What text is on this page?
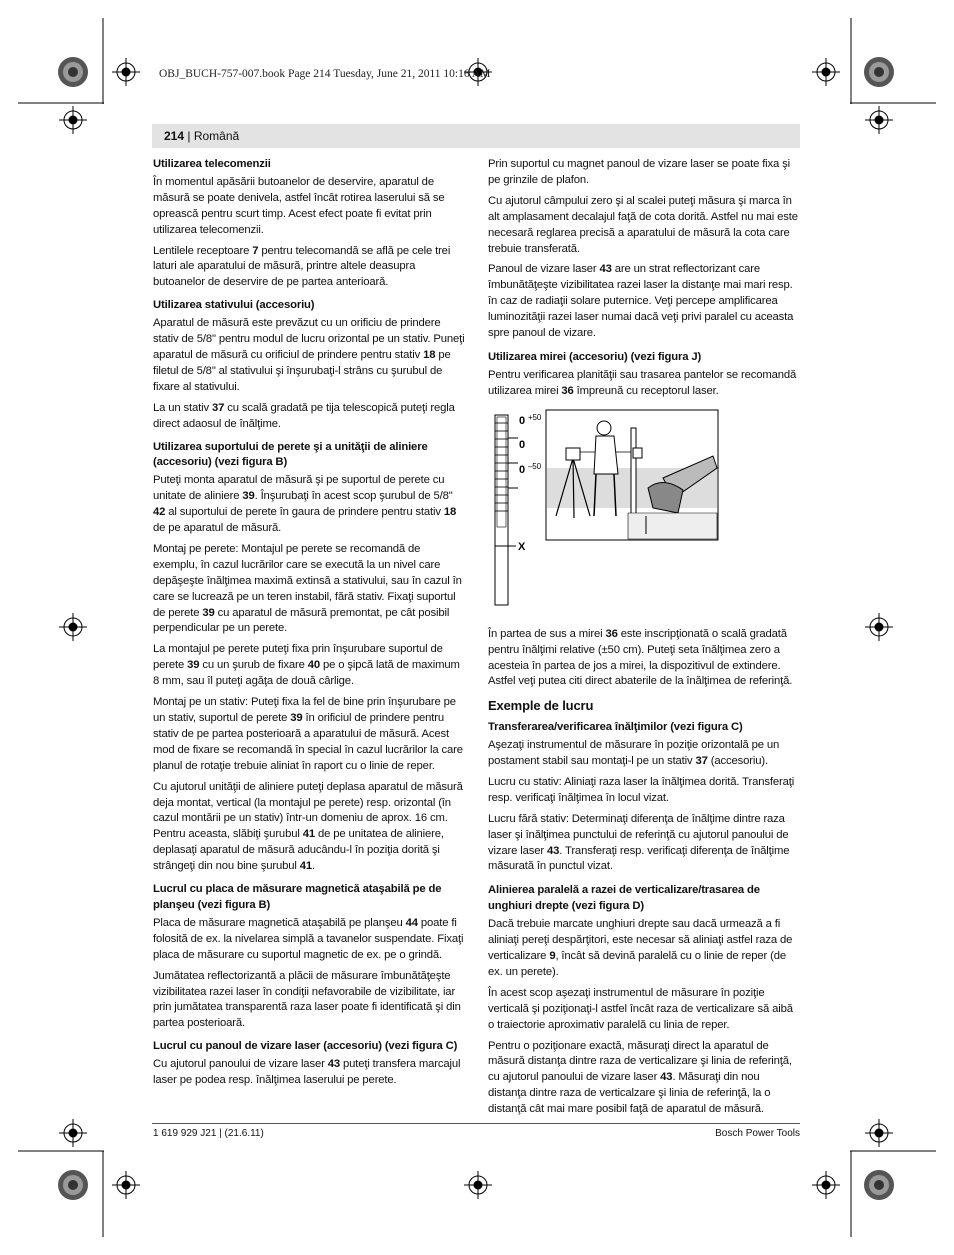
OBJ_BUCH-757-007.book Page 214 Tuesday, June 21, 2011 10:16 AM
214 | Română
Utilizarea telecomenzii

În momentul apăsării butoanelor de deservire, aparatul de măsură se poate denivela, astfel încât rotirea laserului să se oprească pentru scurt timp. Acest efect poate fi evitat prin utilizarea telecomenzii.

Lentilele receptoare 7 pentru telecomandă se află pe cele trei laturi ale aparatului de măsură, printre altele deasupra butoanelor de deservire de pe partea anterioară.

Utilizarea stativului (accesoriu)

Aparatul de măsură este prevăzut cu un orificiu de prindere stativ de 5/8" pentru modul de lucru orizontal pe un stativ. Puneţi aparatul de măsură cu orificiul de prindere pentru stativ 18 pe filetul de 5/8" al stativului şi înşurubaţi-l strâns cu şurubul de fixare al stativului.

La un stativ 37 cu scală gradată pe tija telescopică puteţi regla direct adaosul de înălţime.

Utilizarea suportului de perete şi a unităţii de aliniere (accesoriu) (vezi figura B)

Puteţi monta aparatul de măsură şi pe suportul de perete cu unitate de aliniere 39. Înşurubaţi în acest scop şurubul de 5/8" 42 al suportului de perete în gaura de prindere pentru stativ 18 de pe aparatul de măsură.

Montaj pe perete: Montajul pe perete se recomandă de exemplu, în cazul lucrărilor care se execută la un nivel care depăşeşte înălţimea maximă extinsă a stativului, sau în cazul în care se lucrează pe un teren instabil, fără stativ. Fixaţi suportul de perete 39 cu aparatul de măsură premontat, pe cât posibil perpendicular pe un perete.

La montajul pe perete puteţi fixa prin înşurubare suportul de perete 39 cu un şurub de fixare 40 pe o şipcă lată de maximum 8 mm, sau îl puteţi agăţa de două cârlige.

Montaj pe un stativ: Puteţi fixa la fel de bine prin înşurubare pe un stativ, suportul de perete 39 în orificiul de prindere pentru stativ de pe partea posterioară a aparatului de măsură. Acest mod de fixare se recomandă în special în cazul lucrărilor la care planul de rotaţie trebuie aliniat în raport cu o linie de reper.

Cu ajutorul unităţii de aliniere puteţi deplasa aparatul de măsură deja montat, vertical (la montajul pe perete) resp. orizontal (în cazul montării pe un stativ) într-un domeniu de aprox. 16 cm. Pentru aceasta, slăbiţi şurubul 41 de pe unitatea de aliniere, deplasaţi aparatul de măsură aducându-l în poziţia dorită şi strângeţi din nou bine şurubul 41.

Lucrul cu placa de măsurare magnetică ataşabilă pe de planşeu (vezi figura B)

Placa de măsurare magnetică ataşabilă pe planşeu 44 poate fi folosită de ex. la nivelarea simplă a tavanelor suspendate. Fixaţi placa de măsurare cu suportul magnetic de ex. pe o grindă.

Jumătatea reflectorizantă a plăcii de măsurare îmbunătăţeşte vizibilitatea razei laser în condiţii nefavorabile de vizibilitate, iar prin jumătatea transparentă raza laser poate fi identificată şi din partea posterioară.

Lucrul cu panoul de vizare laser (accesoriu) (vezi figura C)

Cu ajutorul panoului de vizare laser 43 puteţi transfera marcajul laser pe podea resp. înălţimea laserului pe perete.

Prin suportul cu magnet panoul de vizare laser se poate fixa şi pe grinzile de plafon.

Cu ajutorul câmpului zero şi al scalei puteţi măsura şi marca în alt amplasament decalajul faţă de cota dorită. Astfel nu mai este necesară reglarea precisă a aparatului de măsură la cota care trebuie transferată.

Panoul de vizare laser 43 are un strat reflectorizant care îmbunătăţeşte vizibilitatea razei laser la distanţe mai mari resp. în caz de radiaţii solare puternice. Veţi percepe amplificarea luminozităţii razei laser numai dacă veţi privi paralel cu aceasta spre panoul de vizare.

Utilizarea mirei (accesoriu) (vezi figura J)

Pentru verificarea planităţii sau trasarea pantelor se recomandă utilizarea mirei 36 împreună cu receptorul laser.

0 +50
0
0 –50
X

În partea de sus a mirei 36 este inscripţionată o scală gradată pentru înălţimi relative (±50 cm). Puteţi seta înălţimea zero a acesteia în partea de jos a mirei, la dispozitivul de extindere. Astfel veţi putea citi direct abaterile de la înălţimea de referinţă.

Exemple de lucru
Transferarea/verificarea înălţimilor (vezi figura C)

Aşezaţi instrumentul de măsurare în poziţie orizontală pe un postament stabil sau montaţi-l pe un stativ 37 (accesoriu).

Lucru cu stativ: Aliniaţi raza laser la înălţimea dorită. Transferaţi resp. verificaţi înălţimea în locul vizat.

Lucru fără stativ: Determinaţi diferenţa de înălţime dintre raza laser şi înălţimea punctului de referinţă cu ajutorul panoului de vizare laser 43. Transferaţi resp. verificaţi diferenţa de înălţime măsurată în punctul vizat.

Alinierea paralelă a razei de verticalizare/trasarea de unghiuri drepte (vezi figura D)

Dacă trebuie marcate unghiuri drepte sau dacă urmează a fi aliniaţi pereţi despărţitori, este necesar să aliniaţi astfel raza de verticalizare 9, încât să devină paralelă cu o linie de reper (de ex. un perete).

În acest scop aşezaţi instrumentul de măsurare în poziţie verticală şi poziţionaţi-l astfel încât raza de verticalizare să aibă o traiectorie aproximativ paralelă cu linia de reper.

Pentru o poziţionare exactă, măsuraţi direct la aparatul de măsură distanţa dintre raza de verticalizare şi linia de referinţă, cu ajutorul panoului de vizare laser 43. Măsuraţi din nou distanţa dintre raza de verticalzare şi linia de referinţă, la o distanţă cât mai mare posibil faţă de aparatul de măsură.

1 619 929 J21 | (21.6.11)	Bosch Power Tools
